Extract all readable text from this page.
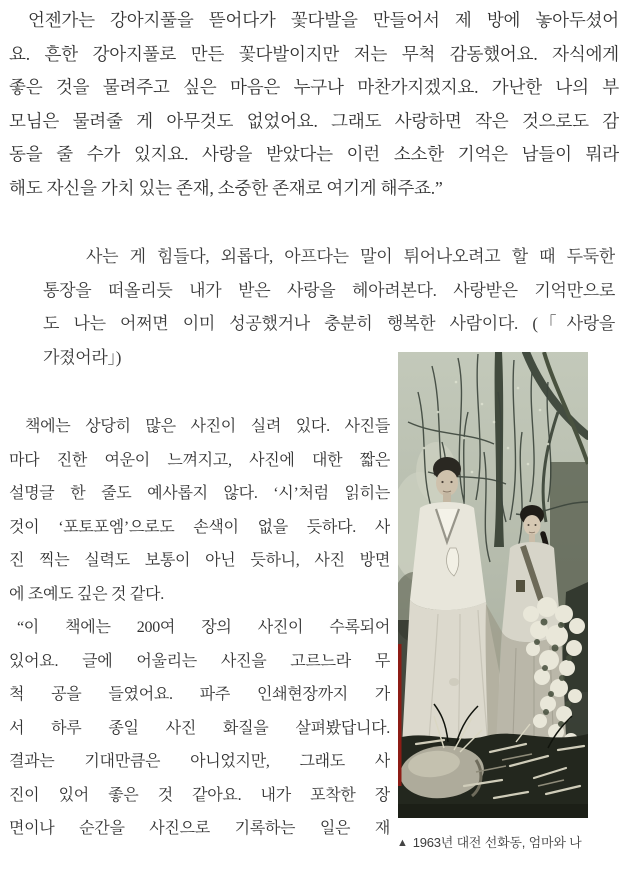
언젠가는 강아지풀을 뜯어다가 꽃다발을 만들어서 제 방에 놓아두셨어
요. 흔한 강아지풀로 만든 꽃다발이지만 저는 무척 감동했어요. 자식에게
좋은 것을 물려주고 싶은 마음은 누구나 마찬가지겠지요. 가난한 나의 부
모님은 물려줄 게 아무것도 없었어요. 그래도 사랑하면 작은 것으로도 감
동을 줄 수가 있지요. 사랑을 받았다는 이런 소소한 기억은 남들이 뭐라
해도 자신을 가치 있는 존재, 소중한 존재로 여기게 해주죠.”
사는 게 힘들다, 외롭다, 아프다는 말이 튀어나오려고 할 때 두둑한
통장을 떠올리듯 내가 받은 사랑을 헤아려본다. 사랑받은 기억만으로
도 나는 어쩌면 이미 성공했거나 충분히 행복한 사람이다. (「사랑을
가졌어라」)
책에는 상당히 많은 사진이 실려 있다. 사진들
마다 진한 여운이 느껴지고, 사진에 대한 짧은
설명글 한 줄도 예사롭지 않다. ‘시’처럼 읽히는
것이 ‘포토포엠’으로도 손색이 없을 듯하다. 사
진 찍는 실력도 보통이 아닌 듯하니, 사진 방면
에 조예도 깊은 것 같다.
“이 책에는 200여 장의 사진이 수록되어
있어요. 글에 어울리는 사진을 고르느라 무
척 공을 들였어요. 파주 인쇄현장까지 가
서 하루 종일 사진 화질을 살펴봤답니다.
결과는 기대만큼은 아니었지만, 그래도 사
진이 있어 좋은 것 같아요. 내가 포착한 장
면이나 순간을 사진으로 기록하는 일은 재
▲ 1963년 대전 선화동, 엄마와 나
